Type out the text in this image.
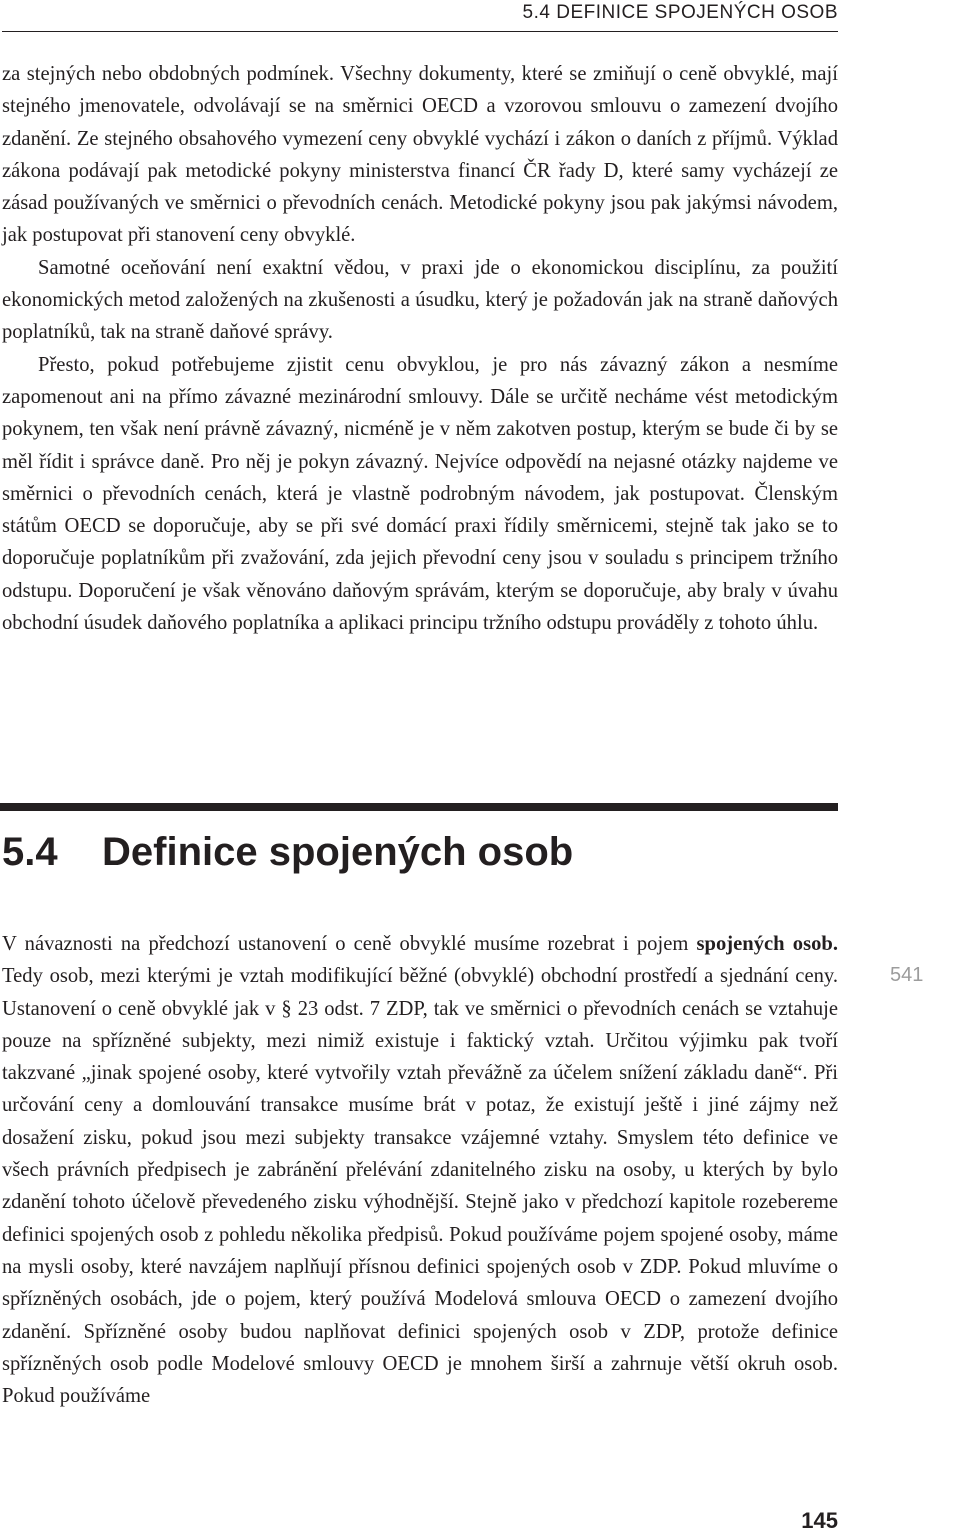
5.4 DEFINICE SPOJENÝCH OSOB

za stejných nebo obdobných podmínek. Všechny dokumenty, které se zmiňují o ceně obvyklé, mají stejného jmenovatele, odvolávají se na směrnici OECD a vzorovou smlouvu o zamezení dvojího zdanění. Ze stejného obsahového vymezení ceny obvyklé vychází i zákon o daních z příjmů. Výklad zákona podávají pak metodické pokyny ministerstva financí ČR řady D, které samy vycházejí ze zásad používaných ve směrnici o převodních cenách. Metodické pokyny jsou pak jakýmsi návodem, jak postupovat při stanovení ceny obvyklé.

Samotné oceňování není exaktní vědou, v praxi jde o ekonomickou disciplínu, za použití ekonomických metod založených na zkušenosti a úsudku, který je požadován jak na straně daňových poplatníků, tak na straně daňové správy.

Přesto, pokud potřebujeme zjistit cenu obvyklou, je pro nás závazný zákon a nesmíme zapomenout ani na přímo závazné mezinárodní smlouvy. Dále se určitě necháme vést metodickým pokynem, ten však není právně závazný, nicméně je v něm zakotven postup, kterým se bude či by se měl řídit i správce daně. Pro něj je pokyn závazný. Nejvíce odpovědí na nejasné otázky najdeme ve směrnici o převodních cenách, která je vlastně podrobným návodem, jak postupovat. Členským státům OECD se doporučuje, aby se při své domácí praxi řídily směrnicemi, stejně tak jako se to doporučuje poplatníkům při zvažování, zda jejich převodní ceny jsou v souladu s principem tržního odstupu. Doporučení je však věnováno daňovým správám, kterým se doporučuje, aby braly v úvahu obchodní úsudek daňového poplatníka a aplikaci principu tržního odstupu prováděly z tohoto úhlu.

5.4 Definice spojených osob

V návaznosti na předchozí ustanovení o ceně obvyklé musíme rozebrat i pojem spojených osob. Tedy osob, mezi kterými je vztah modifikující běžné (obvyklé) obchodní prostředí a sjednání ceny. Ustanovení o ceně obvyklé jak v § 23 odst. 7 ZDP, tak ve směrnici o převodních cenách se vztahuje pouze na spřízněné subjekty, mezi nimiž existuje i faktický vztah. Určitou výjimku pak tvoří takzvané „jinak spojené osoby, které vytvořily vztah převážně za účelem snížení základu daně“. Při určování ceny a domlouvání transakce musíme brát v potaz, že existují ještě i jiné zájmy než dosažení zisku, pokud jsou mezi subjekty transakce vzájemné vztahy. Smyslem této definice ve všech právních předpisech je zabránění přelévání zdanitelného zisku na osoby, u kterých by bylo zdanění tohoto účelově převedeného zisku výhodnější. Stejně jako v předchozí kapitole rozebereme definici spojených osob z pohledu několika předpisů. Pokud používáme pojem spojené osoby, máme na mysli osoby, které navzájem naplňují přísnou definici spojených osob v ZDP. Pokud mluvíme o spřízněných osobách, jde o pojem, který používá Modelová smlouva OECD o zamezení dvojího zdanění. Spřízněné osoby budou naplňovat definici spojených osob v ZDP, protože definice spřízněných osob podle Modelové smlouvy OECD je mnohem širší a zahrnuje větší okruh osob. Pokud používáme

541
145
